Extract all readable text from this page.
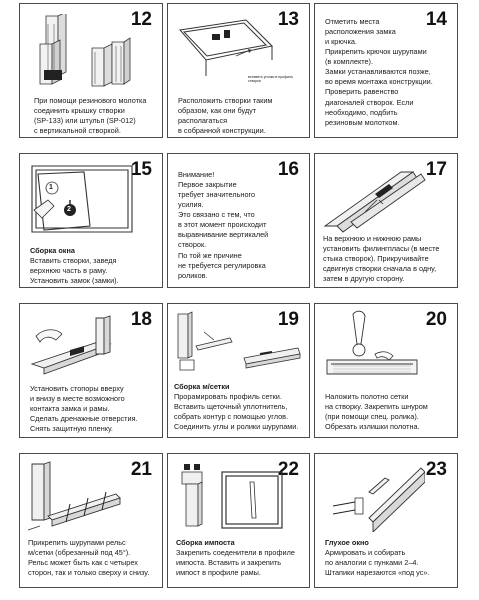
12
При помощи резинового молотка
соединить крышку створки
(SP-133) или штульп (SP-012)
с вертикальной створкой.
13
вставить уголки в профиль створки
Расположить створки таким
образом, как они будут
располагаться
в собранной конструкции.
14
Отметить места
расположения замка
и крючка.
Прикрепить крючок шурупами
(в комплекте).
Замки устанавливаются позже,
во время монтажа конструкции.
Проверить равенство
диагоналей створок. Если
необходимо, подбить
резиновым молотком.
15
1
2
Сборка окна
Вставить створки, заведя
верхнюю часть в раму.
Установить замок (замки).
16
Внимание!
Первое закрытие
требует значительного
усилия.
Это связано с тем, что
в этот момент происходит
выравнивание вертикалей
створок.
По той же причине
не требуется регулировка
роликов.
17
На верхнюю и нижнюю рамы
установить филингпласы (в месте
стыка створок). Прикручивайте
сдвигнув створки сначала в одну,
затем в другую сторону.
18
Установить стопоры вверху
и внизу в месте возможного
контакта замка и рамы.
Сделать дренажные отверстия.
Снять защитную пленку.
19
Сборка м/сетки
Прорамировать профиль сетки.
Вставить щеточный уплотнитель,
собрать контур с помощью углов.
Соединить углы и ролики шурупами.
20
Наложить полотно сетки
на створку. Закрепить шнуром
(при помощи спец. ролика).
Обрезать излишки полотна.
21
Прикрепить шурупами рельс
м/сетки (обрезанный под 45°).
Рельс может быть как с четырех
сторон, так и только сверху и снизу.
22
Сборка импоста
Закрепить соеденители в профиле
импоста. Вставить и закрепить
импост в профиле рамы.
23
Глухое окно
Армировать и собирать
по аналогии с пунками 2–4.
Штапики нарезаются «под ус».
